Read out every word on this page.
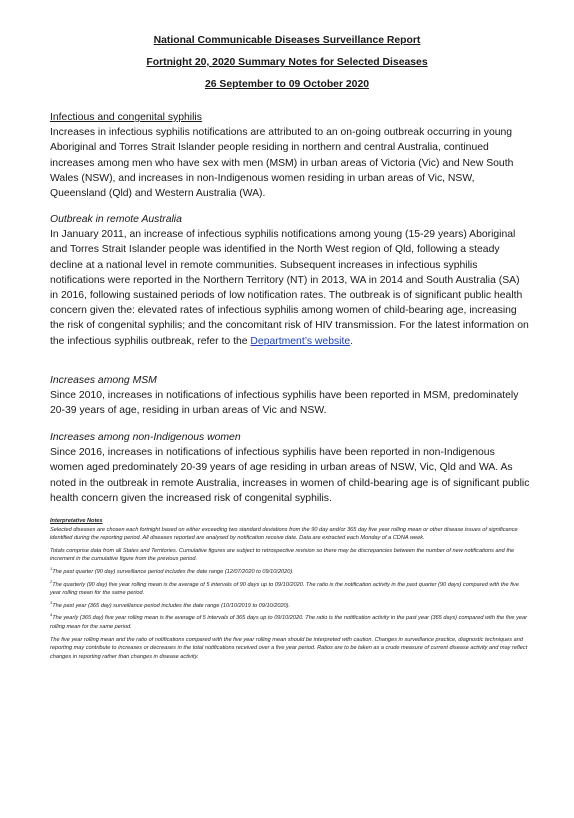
National Communicable Diseases Surveillance Report
Fortnight 20, 2020 Summary Notes for Selected Diseases
26 September to 09 October 2020
Infectious and congenital syphilis
Increases in infectious syphilis notifications are attributed to an on-going outbreak occurring in young Aboriginal and Torres Strait Islander people residing in northern and central Australia, continued increases among men who have sex with men (MSM) in urban areas of Victoria (Vic) and New South Wales (NSW), and increases in non-Indigenous women residing in urban areas of Vic, NSW, Queensland (Qld) and Western Australia (WA).
Outbreak in remote Australia
In January 2011, an increase of infectious syphilis notifications among young (15-29 years) Aboriginal and Torres Strait Islander people was identified in the North West region of Qld, following a steady decline at a national level in remote communities. Subsequent increases in infectious syphilis notifications were reported in the Northern Territory (NT) in 2013, WA in 2014 and South Australia (SA) in 2016, following sustained periods of low notification rates. The outbreak is of significant public health concern given the: elevated rates of infectious syphilis among women of child-bearing age, increasing the risk of congenital syphilis; and the concomitant risk of HIV transmission. For the latest information on the infectious syphilis outbreak, refer to the Department’s website.
Increases among MSM
Since 2010, increases in notifications of infectious syphilis have been reported in MSM, predominately 20-39 years of age, residing in urban areas of Vic and NSW.
Increases among non-Indigenous women
Since 2016, increases in notifications of infectious syphilis have been reported in non-Indigenous women aged predominately 20-39 years of age residing in urban areas of NSW, Vic, Qld and WA. As noted in the outbreak in remote Australia, increases in women of child-bearing age is of significant public health concern given the increased risk of congenital syphilis.
Interpretative Notes
Selected diseases are chosen each fortnight based on either exceeding two standard deviations from the 90 day and/or 365 day five year rolling mean or other disease issues of significance identified during the reporting period. All diseases reported are analysed by notification receive date. Data are extracted each Monday of a CDNA week.
Totals comprise data from all States and Territories. Cumulative figures are subject to retrospective revision so there may be discrepancies between the number of new notifications and the increment in the cumulative figure from the previous period.
$^1$The past quarter (90 day) surveillance period includes the date range (12/07/2020 to 09/10/2020).
$^2$The quarterly (90 day) five year rolling mean is the average of 5 intervals of 90 days up to 09/10/2020. The ratio is the notification activity in the past quarter (90 days) compared with the five year rolling mean for the same period.
$^3$The past year (365 day) surveillance period includes the date range (10/10/2019 to 09/10/2020).
$^4$The yearly (365 day) five year rolling mean is the average of 5 intervals of 365 days up to 09/10/2020. The ratio is the notification activity in the past year (365 days) compared with the five year rolling mean for the same period.
The five year rolling mean and the ratio of notifications compared with the five year rolling mean should be interpreted with caution. Changes in surveillance practice, diagnostic techniques and reporting may contribute to increases or decreases in the total notifications received over a five year period. Ratios are to be taken as a crude measure of current disease activity and may reflect changes in reporting rather than changes in disease activity.
